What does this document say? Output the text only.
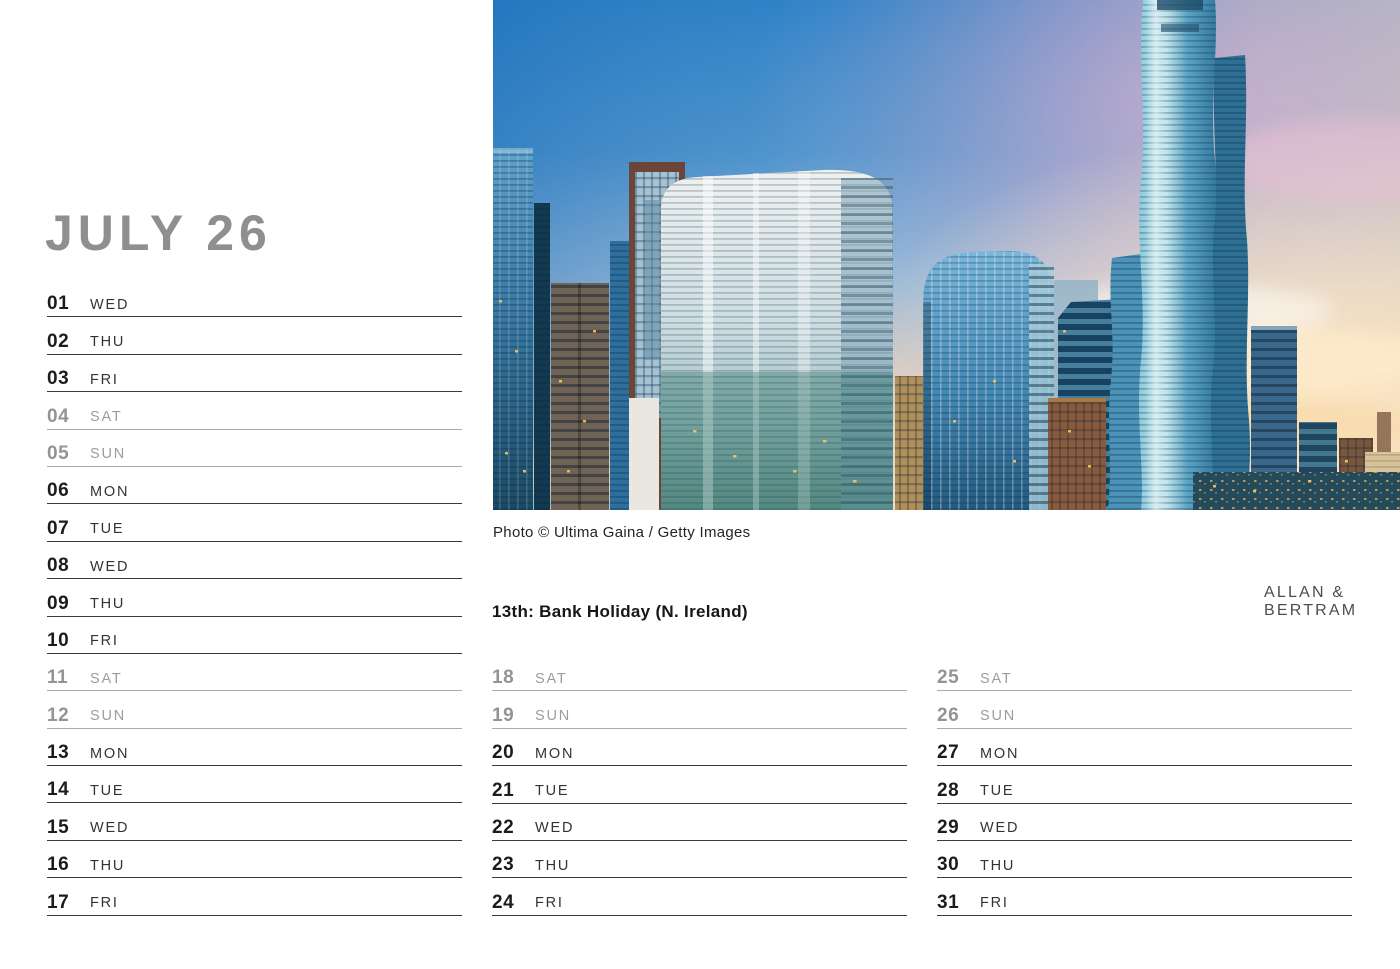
JULY 26
Photo © Ultima Gaina / Getty Images
13th: Bank Holiday (N. Ireland)
ALLAN &
BERTRAM
01	WED
02	THU
03	FRI
04	SAT
05	SUN
06	MON
07	TUE
08	WED
09	THU
10	FRI
11	SAT
12	SUN
13	MON
14	TUE
15	WED
16	THU
17	FRI
18	SAT
19	SUN
20	MON
21	TUE
22	WED
23	THU
24	FRI
25	SAT
26	SUN
27	MON
28	TUE
29	WED
30	THU
31	FRI
